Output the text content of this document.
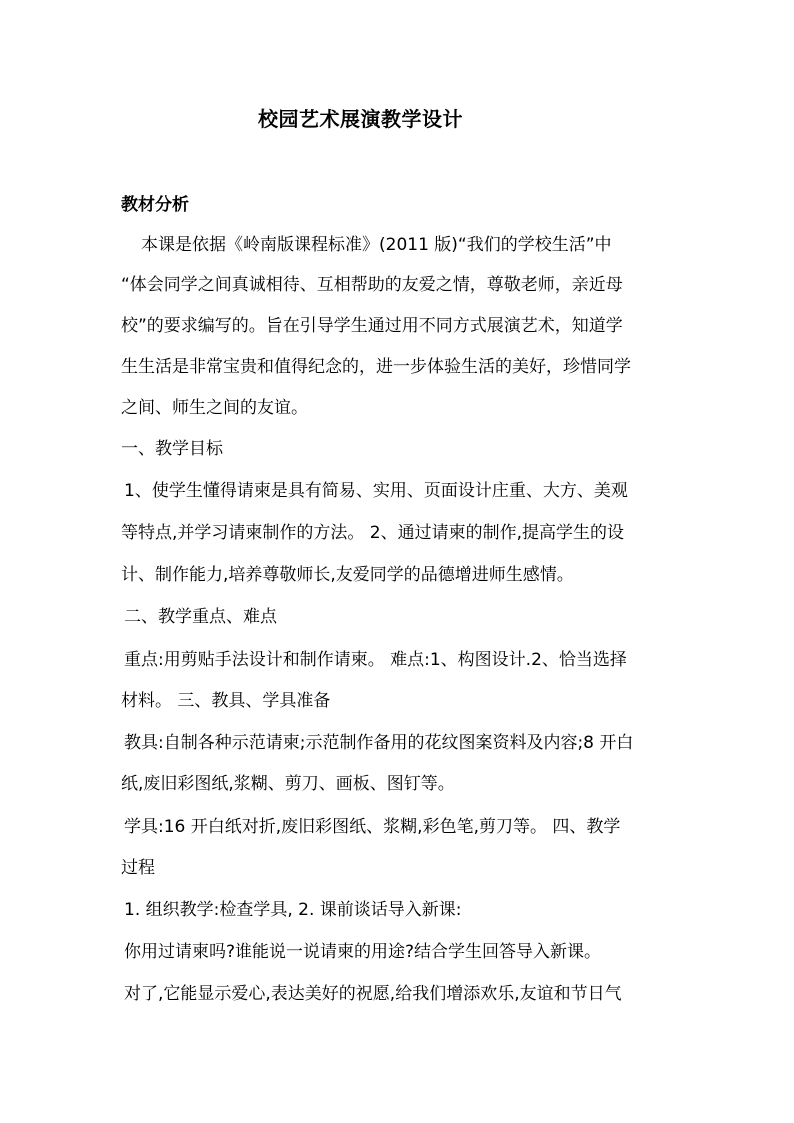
校园艺术展演教学设计
教材分析
本课是依据《岭南版课程标准》(2011 版)“我们的学校生活”中
“体会同学之间真诚相待、互相帮助的友爱之情，尊敬老师，亲近母
校”的要求编写的。旨在引导学生通过用不同方式展演艺术，知道学
生生活是非常宝贵和值得纪念的，进一步体验生活的美好，珍惜同学
之间、师生之间的友谊。
一、教学目标
1、使学生懂得请柬是具有简易、实用、页面设计庄重、大方、美观
等特点,并学习请柬制作的方法。 2、通过请柬的制作,提高学生的设
计、制作能力,培养尊敬师长,友爱同学的品德增进师生感情。
二、教学重点、难点
重点:用剪贴手法设计和制作请柬。 难点:1、构图设计.2、恰当选择
材料。 三、教具、学具准备
教具:自制各种示范请柬;示范制作备用的花纹图案资料及内容;8 开白
纸,废旧彩图纸,浆糊、剪刀、画板、图钉等。
学具:16 开白纸对折,废旧彩图纸、浆糊,彩色笔,剪刀等。 四、教学
过程
1. 组织教学:检查学具, 2. 课前谈话导入新课:
你用过请柬吗?谁能说一说请柬的用途?结合学生回答导入新课。
对了,它能显示爱心,表达美好的祝愿,给我们增添欢乐,友谊和节日气
